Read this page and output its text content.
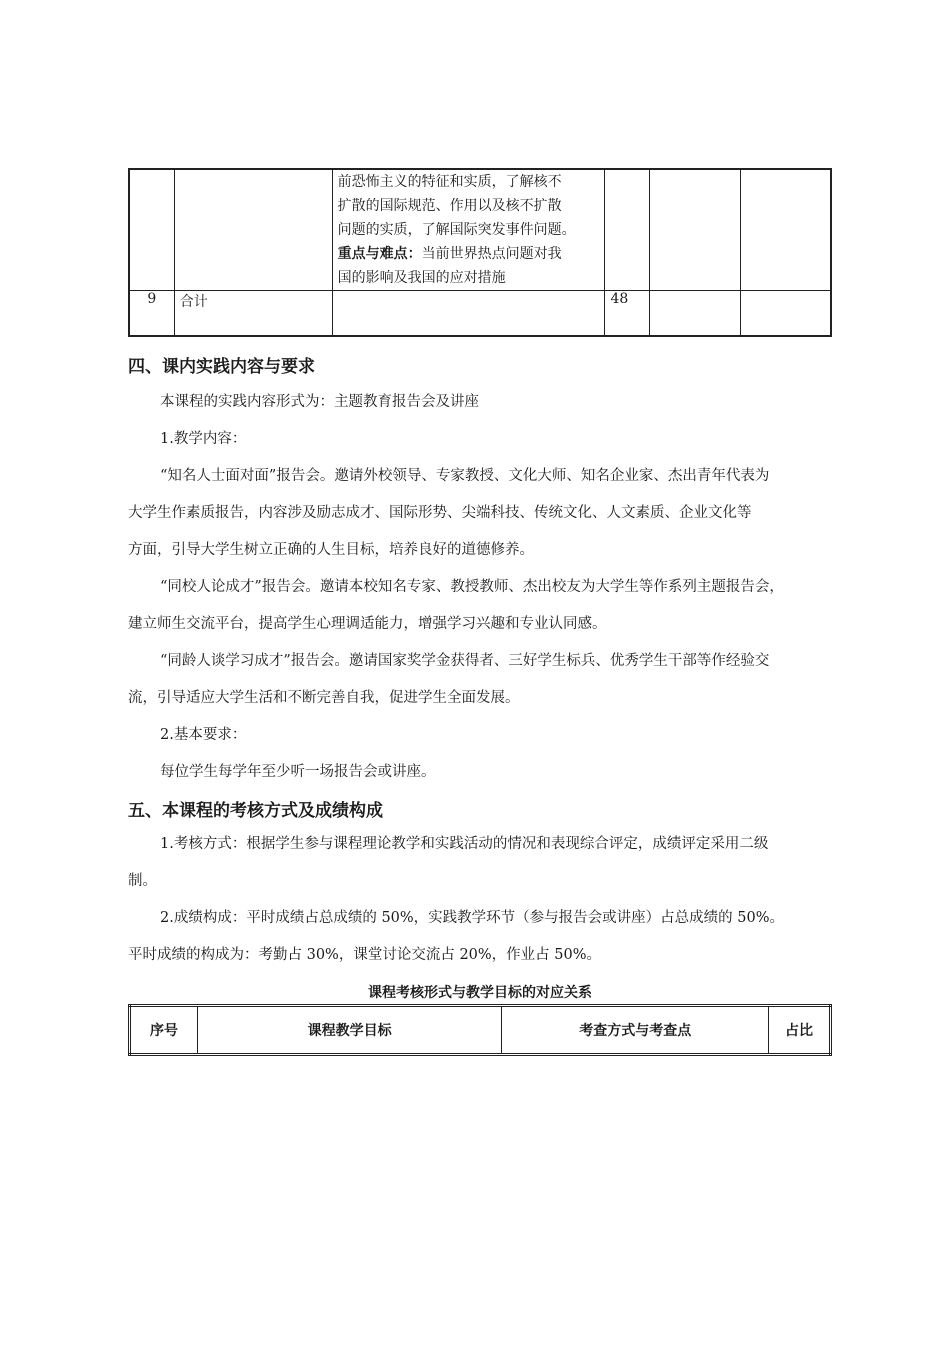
		前恐怖主义的特征和实质，了解核不
扩散的国际规范、作用以及核不扩散
问题的实质，了解国际突发事件问题。
重点与难点：当前世界热点问题对我
国的影响及我国的应对措施			

9	合计		48		
四、课内实践内容与要求

本课程的实践内容形式为：主题教育报告会及讲座

1.教学内容：

“知名人士面对面”报告会。邀请外校领导、专家教授、文化大师、知名企业家、杰出青年代表为

大学生作素质报告，内容涉及励志成才、国际形势、尖端科技、传统文化、人文素质、企业文化等

方面，引导大学生树立正确的人生目标，培养良好的道德修养。

“同校人论成才”报告会。邀请本校知名专家、教授教师、杰出校友为大学生等作系列主题报告会，

建立师生交流平台，提高学生心理调适能力，增强学习兴趣和专业认同感。

“同龄人谈学习成才”报告会。邀请国家奖学金获得者、三好学生标兵、优秀学生干部等作经验交

流，引导适应大学生活和不断完善自我，促进学生全面发展。

2.基本要求：

每位学生每学年至少听一场报告会或讲座。

五、本课程的考核方式及成绩构成

1.考核方式：根据学生参与课程理论教学和实践活动的情况和表现综合评定，成绩评定采用二级

制。

2.成绩构成：平时成绩占总成绩的 50%，实践教学环节（参与报告会或讲座）占总成绩的 50%。

平时成绩的构成为：考勤占 30%，课堂讨论交流占 20%，作业占 50%。

课程考核形式与教学目标的对应关系
序号	课程教学目标	考查方式与考查点	占比
